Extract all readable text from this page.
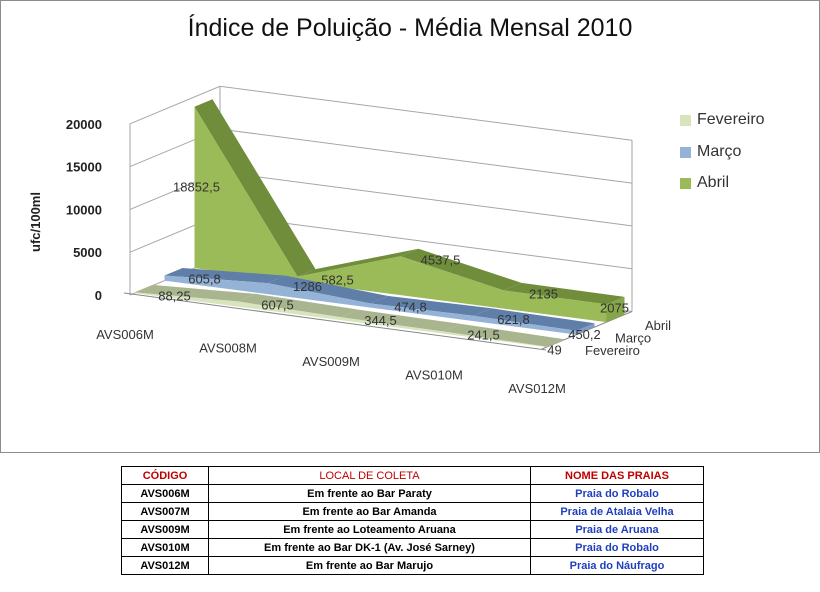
0
5000
10000
15000
20000
18852,5
582,5
4537,5
2135
2075
Abril
605,8
1286
474,8
621,8
450,2 Março
88,25
607,5
344,5
241,5
49 Fevereiro
AVS006M
AVS008M
AVS009M
AVS010M
AVS012M
ufc/100ml
Índice de Poluição - Média Mensal 2010
Fevereiro
Março
Abril
CÓDIGO	LOCAL DE COLETA	NOME DAS PRAIAS
AVS006M	Em frente ao Bar Paraty	Praia do Robalo
AVS007M	Em frente ao Bar Amanda	Praia de Atalaia Velha
AVS009M	Em frente ao Loteamento Aruana	Praia de Aruana
AVS010M	Em frente ao Bar DK-1 (Av. José Sarney)	Praia do Robalo
AVS012M	Em frente ao Bar Marujo	Praia do Náufrago
